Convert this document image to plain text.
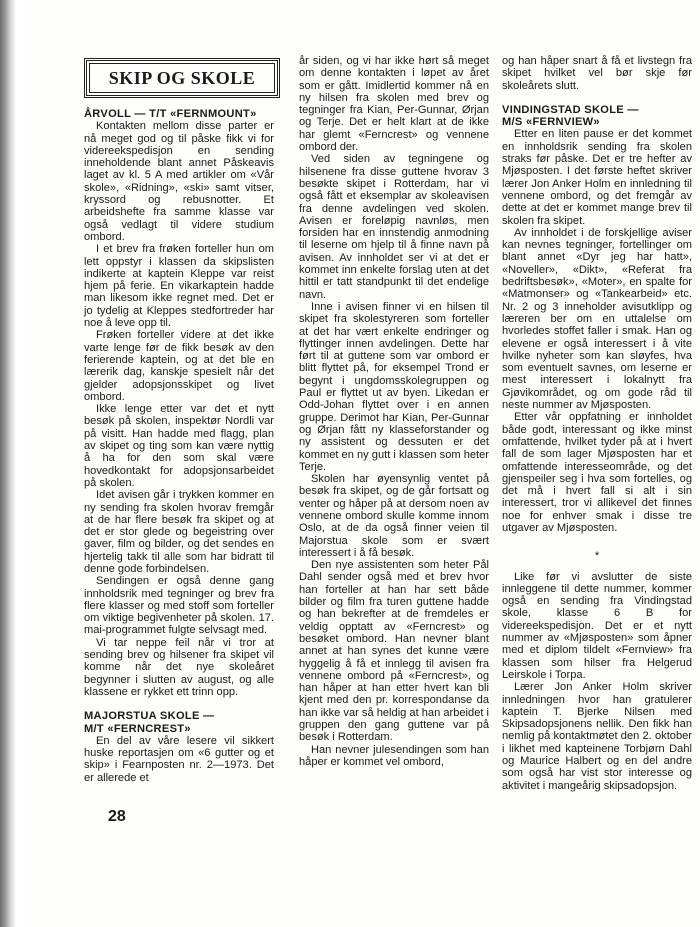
SKIP OG SKOLE
ÅRVOLL — T/T «FERNMOUNT»

Kontakten mellom disse parter er nå meget god og til påske fikk vi for videreekspedisjon en sending inneholdende blant annet Påskeavis laget av kl. 5 A med artikler om «Vår skole», «Ridning», «ski» samt vitser, kryssord og rebusnotter. Et arbeidshefte fra samme klasse var også vedlagt til videre studium ombord.

I et brev fra frøken forteller hun om lett oppstyr i klassen da skipslisten indikerte at kaptein Kleppe var reist hjem på ferie. En vikarkaptein hadde man likesom ikke regnet med. Det er jo tydelig at Kleppes stedfortreder har noe å leve opp til.

Frøken forteller videre at det ikke varte lenge før de fikk besøk av den ferierende kaptein, og at det ble en lærerik dag, kanskje spesielt når det gjelder adopsjonsskipet og livet ombord.

Ikke lenge etter var det et nytt besøk på skolen, inspektør Nordli var på visitt. Han hadde med flagg, plan av skipet og ting som kan være nyttig å ha for den som skal være hovedkontakt for adopsjonsarbeidet på skolen.

Idet avisen går i trykken kommer en ny sending fra skolen hvorav fremgår at de har flere besøk fra skipet og at det er stor glede og begeistring over gaver, film og bilder, og det sendes en hjertelig takk til alle som har bidratt til denne gode forbindelsen.

Sendingen er også denne gang innholdsrik med tegninger og brev fra flere klasser og med stoff som forteller om viktige begivenheter på skolen. 17. mai-programmet fulgte selvsagt med.

Vi tar neppe feil når vi tror at sending brev og hilsener fra skipet vil komme når det nye skoleåret begynner i slutten av august, og alle klassene er rykket ett trinn opp.

MAJORSTUA SKOLE —
M/T «FERNCREST»

En del av våre lesere vil sikkert huske reportasjen om «6 gutter og et skip» i Fearnposten nr. 2—1973. Det er allerede et

år siden, og vi har ikke hørt så meget om denne kontakten i løpet av året som er gått. Imidlertid kommer nå en ny hilsen fra skolen med brev og tegninger fra Kian, Per-Gunnar, Ørjan og Terje. Det er helt klart at de ikke har glemt «Ferncrest» og vennene ombord der.

Ved siden av tegningene og hilsenene fra disse guttene hvorav 3 besøkte skipet i Rotterdam, har vi også fått et eksemplar av skoleavisen fra denne avdelingen ved skolen. Avisen er foreløpig navnløs, men forsiden har en innstendig anmodning til leserne om hjelp til å finne navn på avisen. Av innholdet ser vi at det er kommet inn enkelte forslag uten at det hittil er tatt standpunkt til det endelige navn.

Inne i avisen finner vi en hilsen til skipet fra skolestyreren som forteller at det har vært enkelte endringer og flyttinger innen avdelingen. Dette har ført til at guttene som var ombord er blitt flyttet på, for eksempel Trond er begynt i ungdomsskolegruppen og Paul er flyttet ut av byen. Likedan er Odd-Johan flyttet over i en annen gruppe. Derimot har Kian, Per-Gunnar og Ørjan fått ny klasseforstander og ny assistent og dessuten er det kommet en ny gutt i klassen som heter Terje.

Skolen har øyensynlig ventet på besøk fra skipet, og de går fortsatt og venter og håper på at dersom noen av vennene ombord skulle komme innom Oslo, at de da også finner veien til Majorstua skole som er svært interessert i å få besøk.

Den nye assistenten som heter Pål Dahl sender også med et brev hvor han forteller at han har sett både bilder og film fra turen guttene hadde og han bekrefter at de fremdeles er veldig opptatt av «Ferncrest» og besøket ombord. Han nevner blant annet at han synes det kunne være hyggelig å få et innlegg til avisen fra vennene ombord på «Ferncrest», og han håper at han etter hvert kan bli kjent med den pr. korrespondanse da han ikke var så heldig at han arbeidet i gruppen den gang guttene var på besøk i Rotterdam.

Han nevner julesendingen som han håper er kommet vel ombord,

og han håper snart å få et livstegn fra skipet hvilket vel bør skje før skoleårets slutt.

VINDINGSTAD SKOLE —
M/S «FERNVIEW»

Etter en liten pause er det kommet en innholdsrik sending fra skolen straks før påske. Det er tre hefter av Mjøsposten. I det første heftet skriver lærer Jon Anker Holm en innledning til vennene ombord, og det fremgår av dette at det er kommet mange brev til skolen fra skipet.

Av innholdet i de forskjellige aviser kan nevnes tegninger, fortellinger om blant annet «Dyr jeg har hatt», «Noveller», «Dikt», «Referat fra bedriftsbesøk», «Moter», en spalte for «Matmonser» og «Tankearbeid» etc. Nr. 2 og 3 inneholder avisutklipp og læreren ber om en uttalelse om hvorledes stoffet faller i smak. Han og elevene er også interessert i å vite hvilke nyheter som kan sløyfes, hva som eventuelt savnes, om leserne er mest interessert i lokalnytt fra Gjøvikområdet, og om gode råd til neste nummer av Mjøsposten.

Etter vår oppfatning er innholdet både godt, interessant og ikke minst omfattende, hvilket tyder på at i hvert fall de som lager Mjøsposten har et omfattende interesseområde, og det gjenspeiler seg i hva som fortelles, og det må i hvert fall si alt i sin interessert, tror vi allikevel det finnes noe for enhver smak i disse tre utgaver av Mjøsposten.

*

Like før vi avslutter de siste innleggene til dette nummer, kommer også en sending fra Vindingstad skole, klasse 6 B for videreekspedisjon. Det er et nytt nummer av «Mjøsposten» som åpner med et diplom tildelt «Fernview» fra klassen som hilser fra Helgerud Leirskole i Torpa.

Lærer Jon Anker Holm skriver innledningen hvor han gratulerer kaptein T. Bjerke Nilsen med Skipsadopsjonens nellik. Den fikk han nemlig på kontaktmøtet den 2. oktober i likhet med kapteinene Torbjørn Dahl og Maurice Halbert og en del andre som også har vist stor interesse og aktivitet i mangeårig skipsadopsjon.

28
